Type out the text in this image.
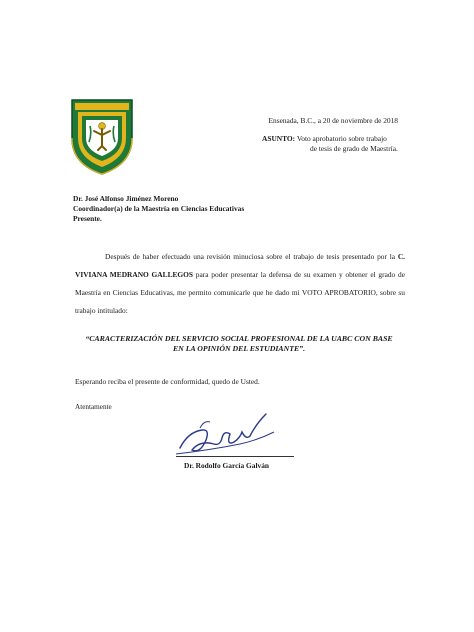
Ensenada, B.C., a 20 de noviembre de 2018
ASUNTO: Voto aprobatorio sobre trabajo
de tesis de grado de Maestría.
Dr. José Alfonso Jiménez Moreno
Coordinador(a) de la Maestría en Ciencias Educativas
Presente.

Después de haber efectuado una revisión minuciosa sobre el trabajo de tesis presentado por la C. VIVIANA MEDRANO GALLEGOS para poder presentar la defensa de su examen y obtener el grado de Maestría en Ciencias Educativas, me permito comunicarle que he dado mi VOTO APROBATORIO, sobre su trabajo intitulado:

“CARACTERIZACIÓN DEL SERVICIO SOCIAL PROFESIONAL DE LA UABC CON BASE
EN LA OPINIÓN DEL ESTUDIANTE”.
Esperando reciba el presente de conformidad, quedo de Usted.
Atentamente
Dr. Rodolfo García Galván
